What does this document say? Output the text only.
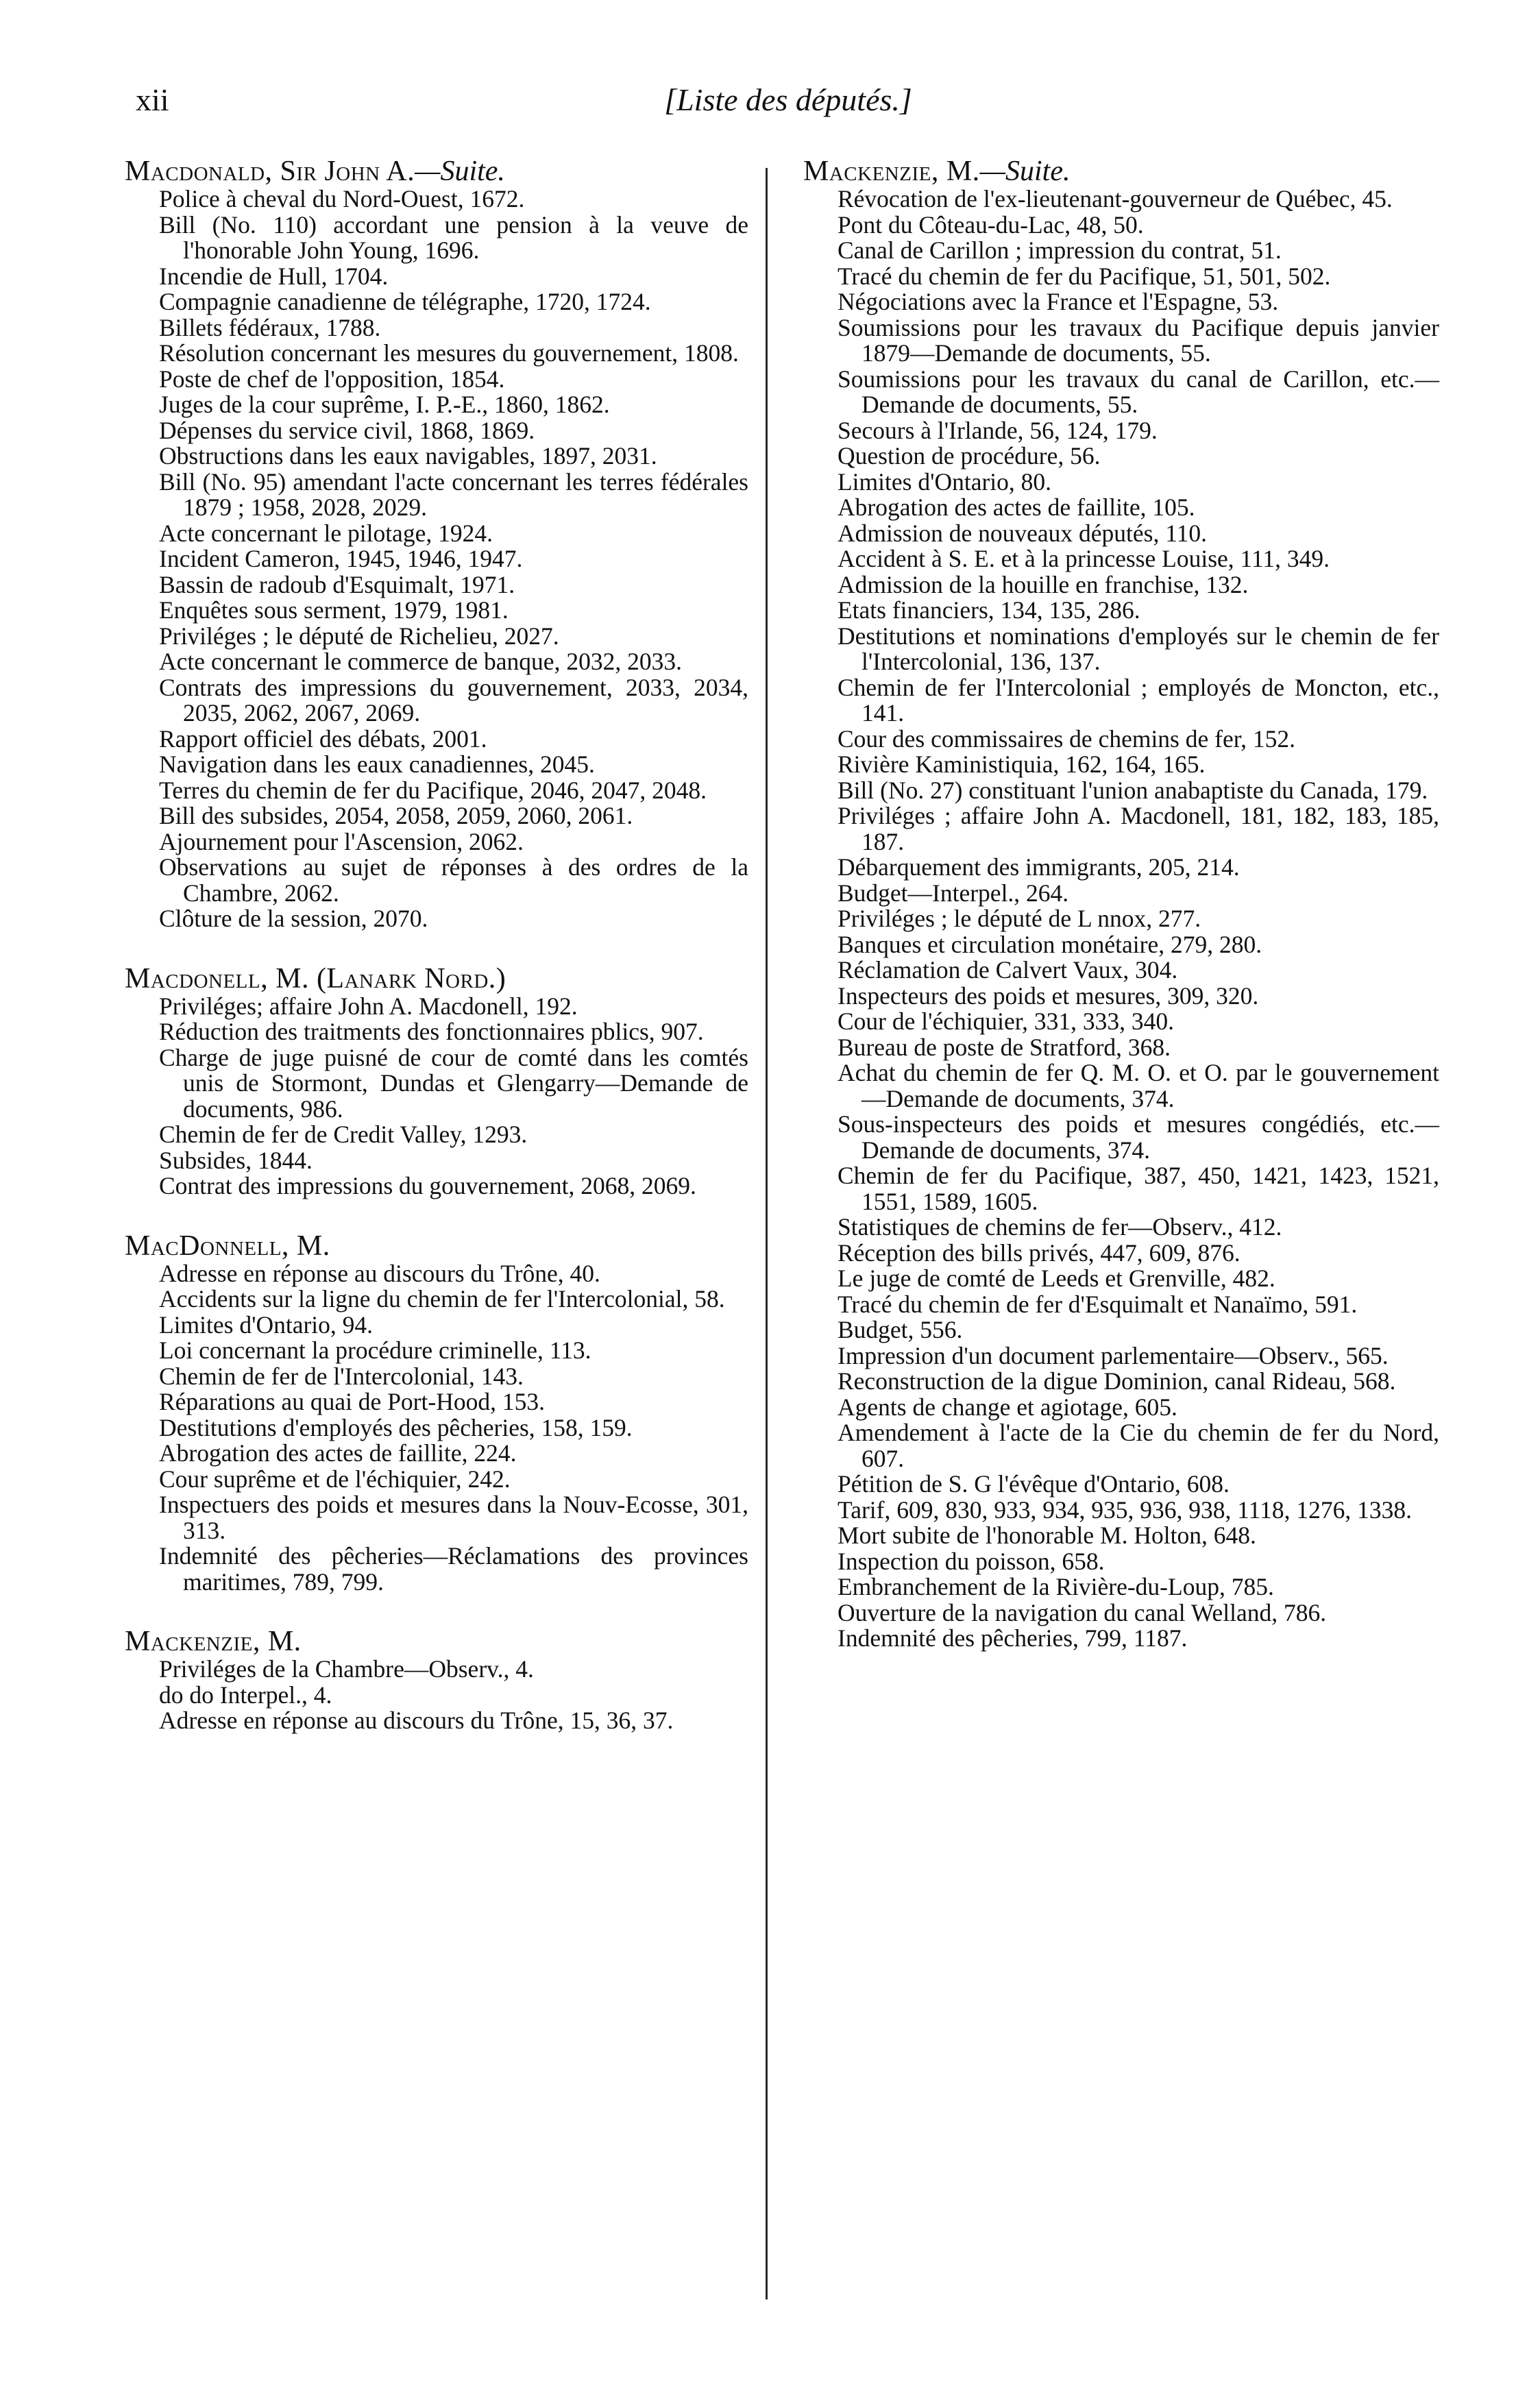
xii	[Liste des députés.]
Macdonald, Sir John A.—Suite.
Police à cheval du Nord-Ouest, 1672.
Bill (No. 110) accordant une pension à la veuve de l'honorable John Young, 1696.
Incendie de Hull, 1704.
Compagnie canadienne de télégraphe, 1720, 1724.
Billets fédéraux, 1788.
Résolution concernant les mesures du gouvernement, 1808.
Poste de chef de l'opposition, 1854.
Juges de la cour suprême, I. P.-E., 1860, 1862.
Dépenses du service civil, 1868, 1869.
Obstructions dans les eaux navigables, 1897, 2031.
Bill (No. 95) amendant l'acte concernant les terres fédérales 1879 ; 1958, 2028, 2029.
Acte concernant le pilotage, 1924.
Incident Cameron, 1945, 1946, 1947.
Bassin de radoub d'Esquimalt, 1971.
Enquêtes sous serment, 1979, 1981.
Priviléges ; le député de Richelieu, 2027.
Acte concernant le commerce de banque, 2032, 2033.
Contrats des impressions du gouvernement, 2033, 2034, 2035, 2062, 2067, 2069.
Rapport officiel des débats, 2001.
Navigation dans les eaux canadiennes, 2045.
Terres du chemin de fer du Pacifique, 2046, 2047, 2048.
Bill des subsides, 2054, 2058, 2059, 2060, 2061.
Ajournement pour l'Ascension, 2062.
Observations au sujet de réponses à des ordres de la Chambre, 2062.
Clôture de la session, 2070.
Macdonell, M. (Lanark Nord.)
Priviléges; affaire John A. Macdonell, 192.
Réduction des traitments des fonctionnaires pblics, 907.
Charge de juge puisné de cour de comté dans les comtés unis de Stormont, Dundas et Glengarry—Demande de documents, 986.
Chemin de fer de Credit Valley, 1293.
Subsides, 1844.
Contrat des impressions du gouvernement, 2068, 2069.
MacDonnell, M.
Adresse en réponse au discours du Trône, 40.
Accidents sur la ligne du chemin de fer l'Intercolonial, 58.
Limites d'Ontario, 94.
Loi concernant la procédure criminelle, 113.
Chemin de fer de l'Intercolonial, 143.
Réparations au quai de Port-Hood, 153.
Destitutions d'employés des pêcheries, 158, 159.
Abrogation des actes de faillite, 224.
Cour suprême et de l'échiquier, 242.
Inspectuers des poids et mesures dans la Nouv-Ecosse, 301, 313.
Indemnité des pêcheries—Réclamations des provinces maritimes, 789, 799.
Mackenzie, M.
Priviléges de la Chambre—Observ., 4.
do do Interpel., 4.
Adresse en réponse au discours du Trône, 15, 36, 37.
Mackenzie, M.—Suite.
Révocation de l'ex-lieutenant-gouverneur de Québec, 45.
Pont du Côteau-du-Lac, 48, 50.
Canal de Carillon ; impression du contrat, 51.
Tracé du chemin de fer du Pacifique, 51, 501, 502.
Négociations avec la France et l'Espagne, 53.
Soumissions pour les travaux du Pacifique depuis janvier 1879—Demande de documents, 55.
Soumissions pour les travaux du canal de Carillon, etc.—Demande de documents, 55.
Secours à l'Irlande, 56, 124, 179.
Question de procédure, 56.
Limites d'Ontario, 80.
Abrogation des actes de faillite, 105.
Admission de nouveaux députés, 110.
Accident à S. E. et à la princesse Louise, 111, 349.
Admission de la houille en franchise, 132.
Etats financiers, 134, 135, 286.
Destitutions et nominations d'employés sur le chemin de fer l'Intercolonial, 136, 137.
Chemin de fer l'Intercolonial ; employés de Moncton, etc., 141.
Cour des commissaires de chemins de fer, 152.
Rivière Kaministiquia, 162, 164, 165.
Bill (No. 27) constituant l'union anabaptiste du Canada, 179.
Priviléges ; affaire John A. Macdonell, 181, 182, 183, 185, 187.
Débarquement des immigrants, 205, 214.
Budget—Interpel., 264.
Priviléges ; le député de L nnox, 277.
Banques et circulation monétaire, 279, 280.
Réclamation de Calvert Vaux, 304.
Inspecteurs des poids et mesures, 309, 320.
Cour de l'échiquier, 331, 333, 340.
Bureau de poste de Stratford, 368.
Achat du chemin de fer Q. M. O. et O. par le gouvernement—Demande de documents, 374.
Sous-inspecteurs des poids et mesures congédiés, etc.—Demande de documents, 374.
Chemin de fer du Pacifique, 387, 450, 1421, 1423, 1521, 1551, 1589, 1605.
Statistiques de chemins de fer—Observ., 412.
Réception des bills privés, 447, 609, 876.
Le juge de comté de Leeds et Grenville, 482.
Tracé du chemin de fer d'Esquimalt et Nanaïmo, 591.
Budget, 556.
Impression d'un document parlementaire—Observ., 565.
Reconstruction de la digue Dominion, canal Rideau, 568.
Agents de change et agiotage, 605.
Amendement à l'acte de la Cie du chemin de fer du Nord, 607.
Pétition de S. G l'évêque d'Ontario, 608.
Tarif, 609, 830, 933, 934, 935, 936, 938, 1118, 1276, 1338.
Mort subite de l'honorable M. Holton, 648.
Inspection du poisson, 658.
Embranchement de la Rivière-du-Loup, 785.
Ouverture de la navigation du canal Welland, 786.
Indemnité des pêcheries, 799, 1187.
